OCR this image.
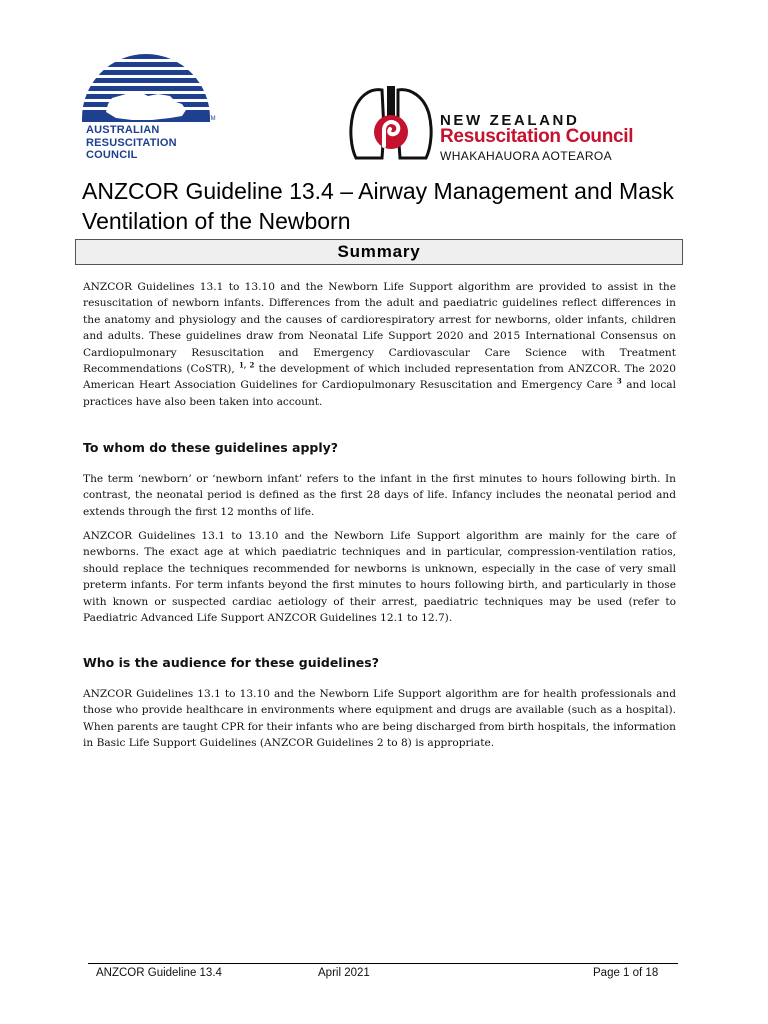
TM
AUSTRALIAN
RESUSCITATION
COUNCIL
NEW ZEALAND
Resuscitation Council
WHAKAHAUORA AOTEAROA
ANZCOR Guideline 13.4 – Airway Management and Mask Ventilation of the Newborn
Summary

ANZCOR Guidelines 13.1 to 13.10 and the Newborn Life Support algorithm are provided to assist in the resuscitation of newborn infants. Differences from the adult and paediatric guidelines reflect differences in the anatomy and physiology and the causes of cardiorespiratory arrest for newborns, older infants, children and adults. These guidelines draw from Neonatal Life Support 2020 and 2015 International Consensus on Cardiopulmonary Resuscitation and Emergency Cardiovascular Care Science with Treatment Recommendations (CoSTR), $^{1, 2}$ the development of which included representation from ANZCOR. The 2020 American Heart Association Guidelines for Cardiopulmonary Resuscitation and Emergency Care $^3$ and local practices have also been taken into account.

To whom do these guidelines apply?

The term ‘newborn’ or ‘newborn infant’ refers to the infant in the first minutes to hours following birth. In contrast, the neonatal period is defined as the first 28 days of life. Infancy includes the neonatal period and extends through the first 12 months of life.

ANZCOR Guidelines 13.1 to 13.10 and the Newborn Life Support algorithm are mainly for the care of newborns. The exact age at which paediatric techniques and in particular, compression-ventilation ratios, should replace the techniques recommended for newborns is unknown, especially in the case of very small preterm infants. For term infants beyond the first minutes to hours following birth, and particularly in those with known or suspected cardiac aetiology of their arrest, paediatric techniques may be used (refer to Paediatric Advanced Life Support ANZCOR Guidelines 12.1 to 12.7).

Who is the audience for these guidelines?

ANZCOR Guidelines 13.1 to 13.10 and the Newborn Life Support algorithm are for health professionals and those who provide healthcare in environments where equipment and drugs are available (such as a hospital). When parents are taught CPR for their infants who are being discharged from birth hospitals, the information in Basic Life Support Guidelines (ANZCOR Guidelines 2 to 8) is appropriate.

ANZCOR Guideline 13.4	April 2021	Page 1 of 18
